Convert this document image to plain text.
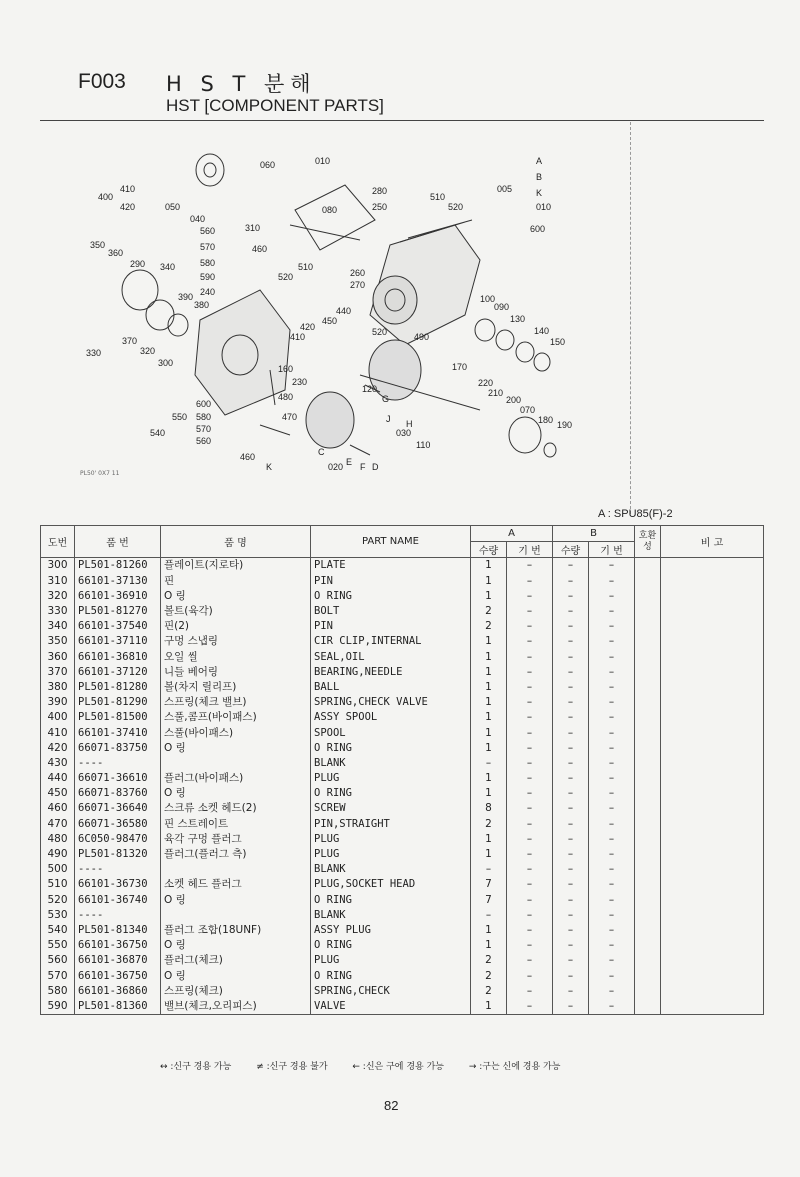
F003 H S T 분해
HST [COMPONENT PARTS]
400
410
420	050
040
060	010
280
250
510
520
005
A
B
K
010
600
560
570
580
590
240
460
310
080
350
360
290 340
390
380
370
320
330
300
520
510
260
270
410
420
450
440
520	490
100
090
130
140
150
170
220
210
200
070
180 190
120
G
J H
030
110
160
230
480
470
600
580
570
560
550
540
460
K
C
E F D
020
PL50' 0X7 11
A : SPU85(F)-2
도번	품 번	품 명	PART NAME	A		B		호환성	비 고
				수량	기 번	수량	기 번		
300	PL501-81260	플레이트(지로타)	PLATE	1	–	–	–		
310	66101-37130	핀	PIN	1	–	–	–		
320	66101-36910	O 링	O RING	1	–	–	–		
330	PL501-81270	볼트(육각)	BOLT	2	–	–	–		
340	66101-37540	핀(2)	PIN	2	–	–	–		
350	66101-37110	구멍 스냅링	CIR CLIP,INTERNAL	1	–	–	–		
360	66101-36810	오일 씰	SEAL,OIL	1	–	–	–		
370	66101-37120	니들 베어링	BEARING,NEEDLE	1	–	–	–		
380	PL501-81280	볼(차지 릴리프)	BALL	1	–	–	–		
390	PL501-81290	스프링(체크 밸브)	SPRING,CHECK VALVE	1	–	–	–		
400	PL501-81500	스풀,콤프(바이패스)	ASSY SPOOL	1	–	–	–		
410	66101-37410	스풀(바이패스)	SPOOL	1	–	–	–		
420	66071-83750	O 링	O RING	1	–	–	–		
430	----		BLANK	–	–	–	–		
440	66071-36610	플러그(바이패스)	PLUG	1	–	–	–		
450	66071-83760	O 링	O RING	1	–	–	–		
460	66071-36640	스크류 소켓 헤드(2)	SCREW	8	–	–	–		
470	66071-36580	핀 스트레이트	PIN,STRAIGHT	2	–	–	–		
480	6C050-98470	육각 구멍 플러그	PLUG	1	–	–	–		
490	PL501-81320	플러그(플러그 측)	PLUG	1	–	–	–		
500	----		BLANK	–	–	–	–		
510	66101-36730	소켓 헤드 플러그	PLUG,SOCKET HEAD	7	–	–	–		
520	66101-36740	O 링	O RING	7	–	–	–		
530	----		BLANK	–	–	–	–		
540	PL501-81340	플러그 조합(18UNF)	ASSY PLUG	1	–	–	–		
550	66101-36750	O 링	O RING	1	–	–	–		
560	66101-36870	플러그(체크)	PLUG	2	–	–	–		
570	66101-36750	O 링	O RING	2	–	–	–		
580	66101-36860	스프링(체크)	SPRING,CHECK	2	–	–	–		
590	PL501-81360	밸브(체크,오리피스)	VALVE	1	–	–	–		
↔ :신구 경용 가능	≠ :신구 경용 불가	← :신은 구에 경용 가능	→ :구는 신에 경용 가능
82
